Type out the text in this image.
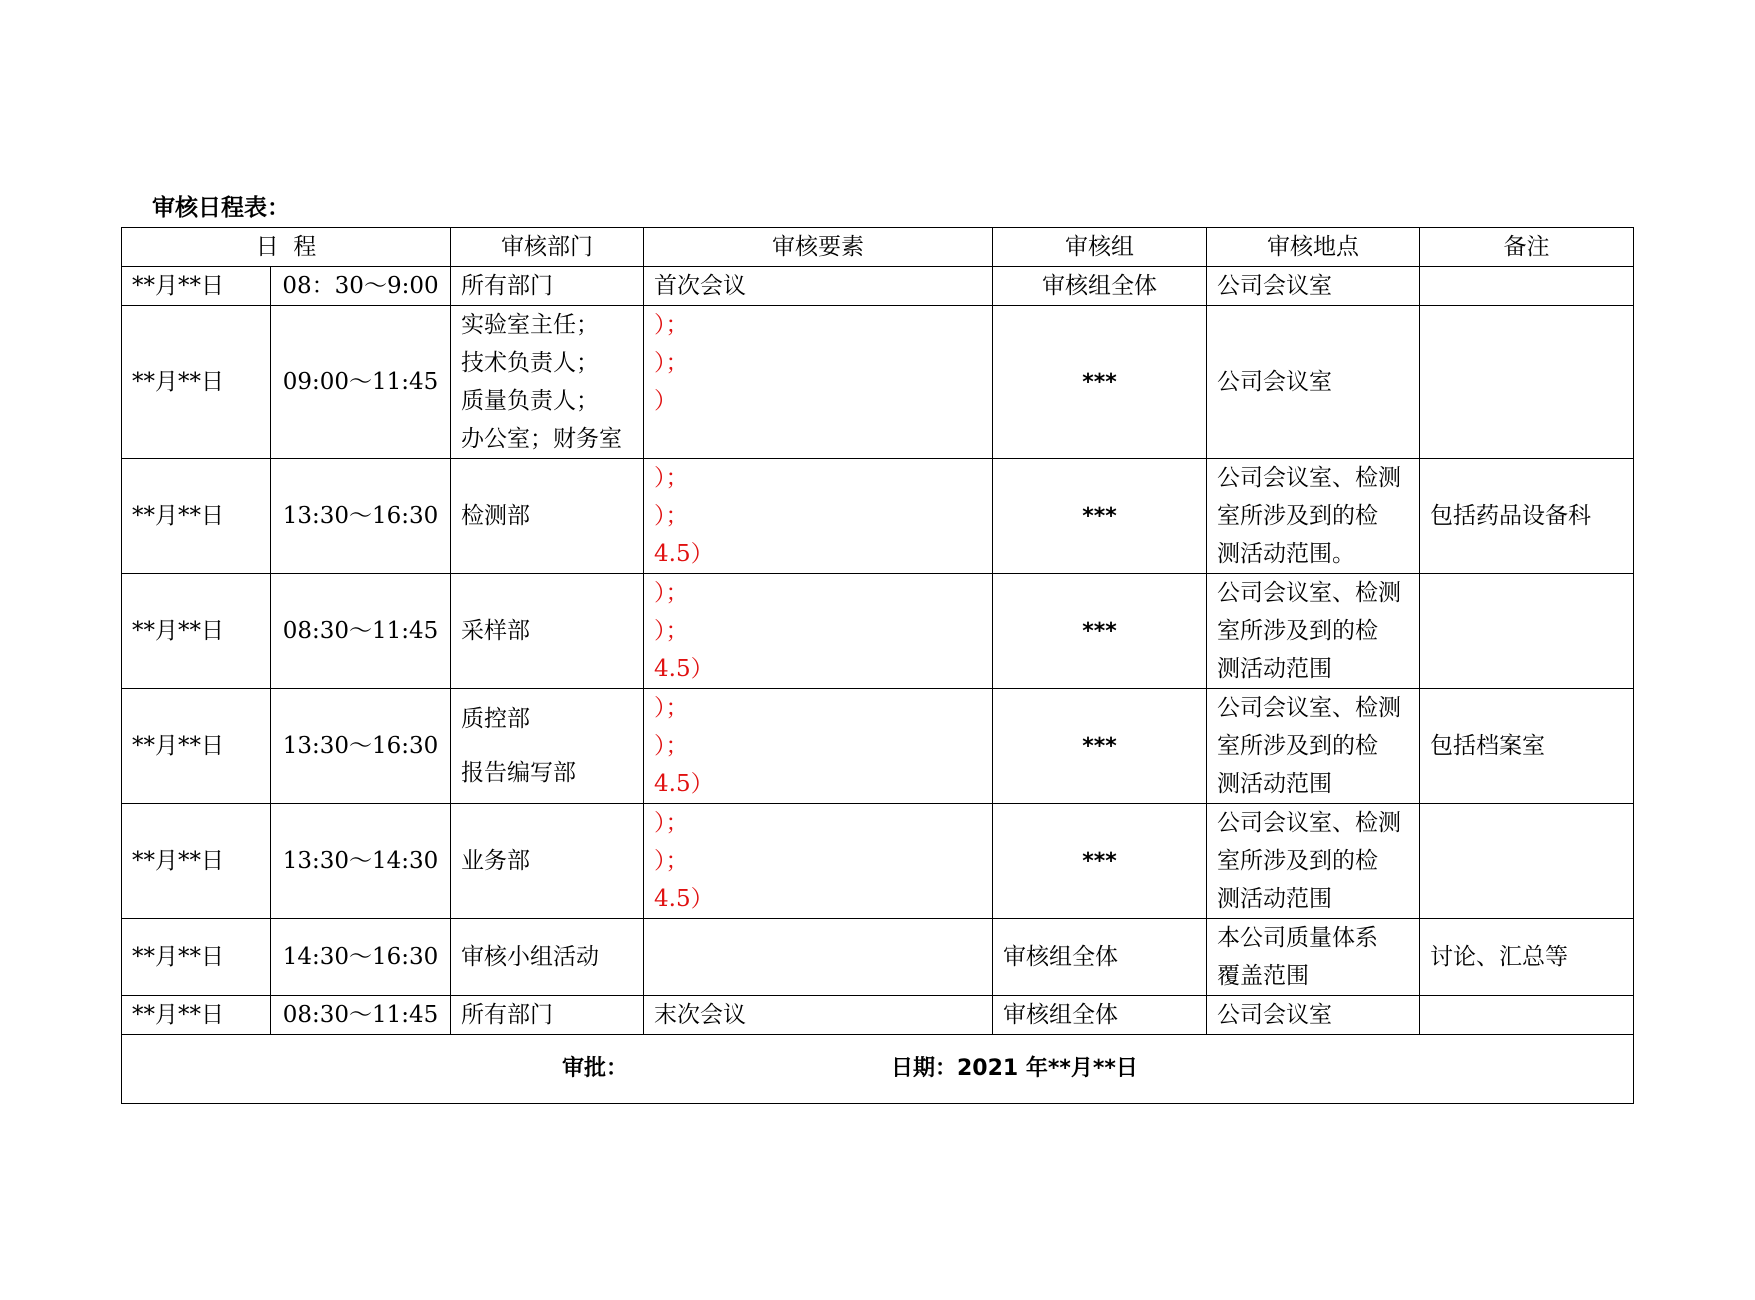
审核日程表：
日  程		审核部门	审核要素	审核组	审核地点	备注
**月**日	08：30～9:00	所有部门	首次会议	审核组全体	公司会议室	

**月**日	09:00～11:45	实验室主任；
技术负责人；
质量负责人；
办公室；财务室	）；
）；
）	***	公司会议室	

**月**日	13:30～16:30	检测部	）；
）；
4.5）	***	公司会议室、检测
室所涉及到的检
测活动范围。	包括药品设备科
**月**日	08:30～11:45	采样部	）；
）；
4.5）	***	公司会议室、检测
室所涉及到的检
测活动范围	

**月**日	13:30～16:30	质控部
报告编写部	）；
）；
4.5）	***	公司会议室、检测
室所涉及到的检
测活动范围	包括档案室
**月**日	13:30～14:30	业务部	）；
）；
4.5）	***	公司会议室、检测
室所涉及到的检
测活动范围	

**月**日	14:30～16:30	审核小组活动		审核组全体	本公司质量体系
覆盖范围	讨论、汇总等
**月**日	08:30～11:45	所有部门	末次会议	审核组全体	公司会议室	

审批： 日期：2021 年**月**日						
